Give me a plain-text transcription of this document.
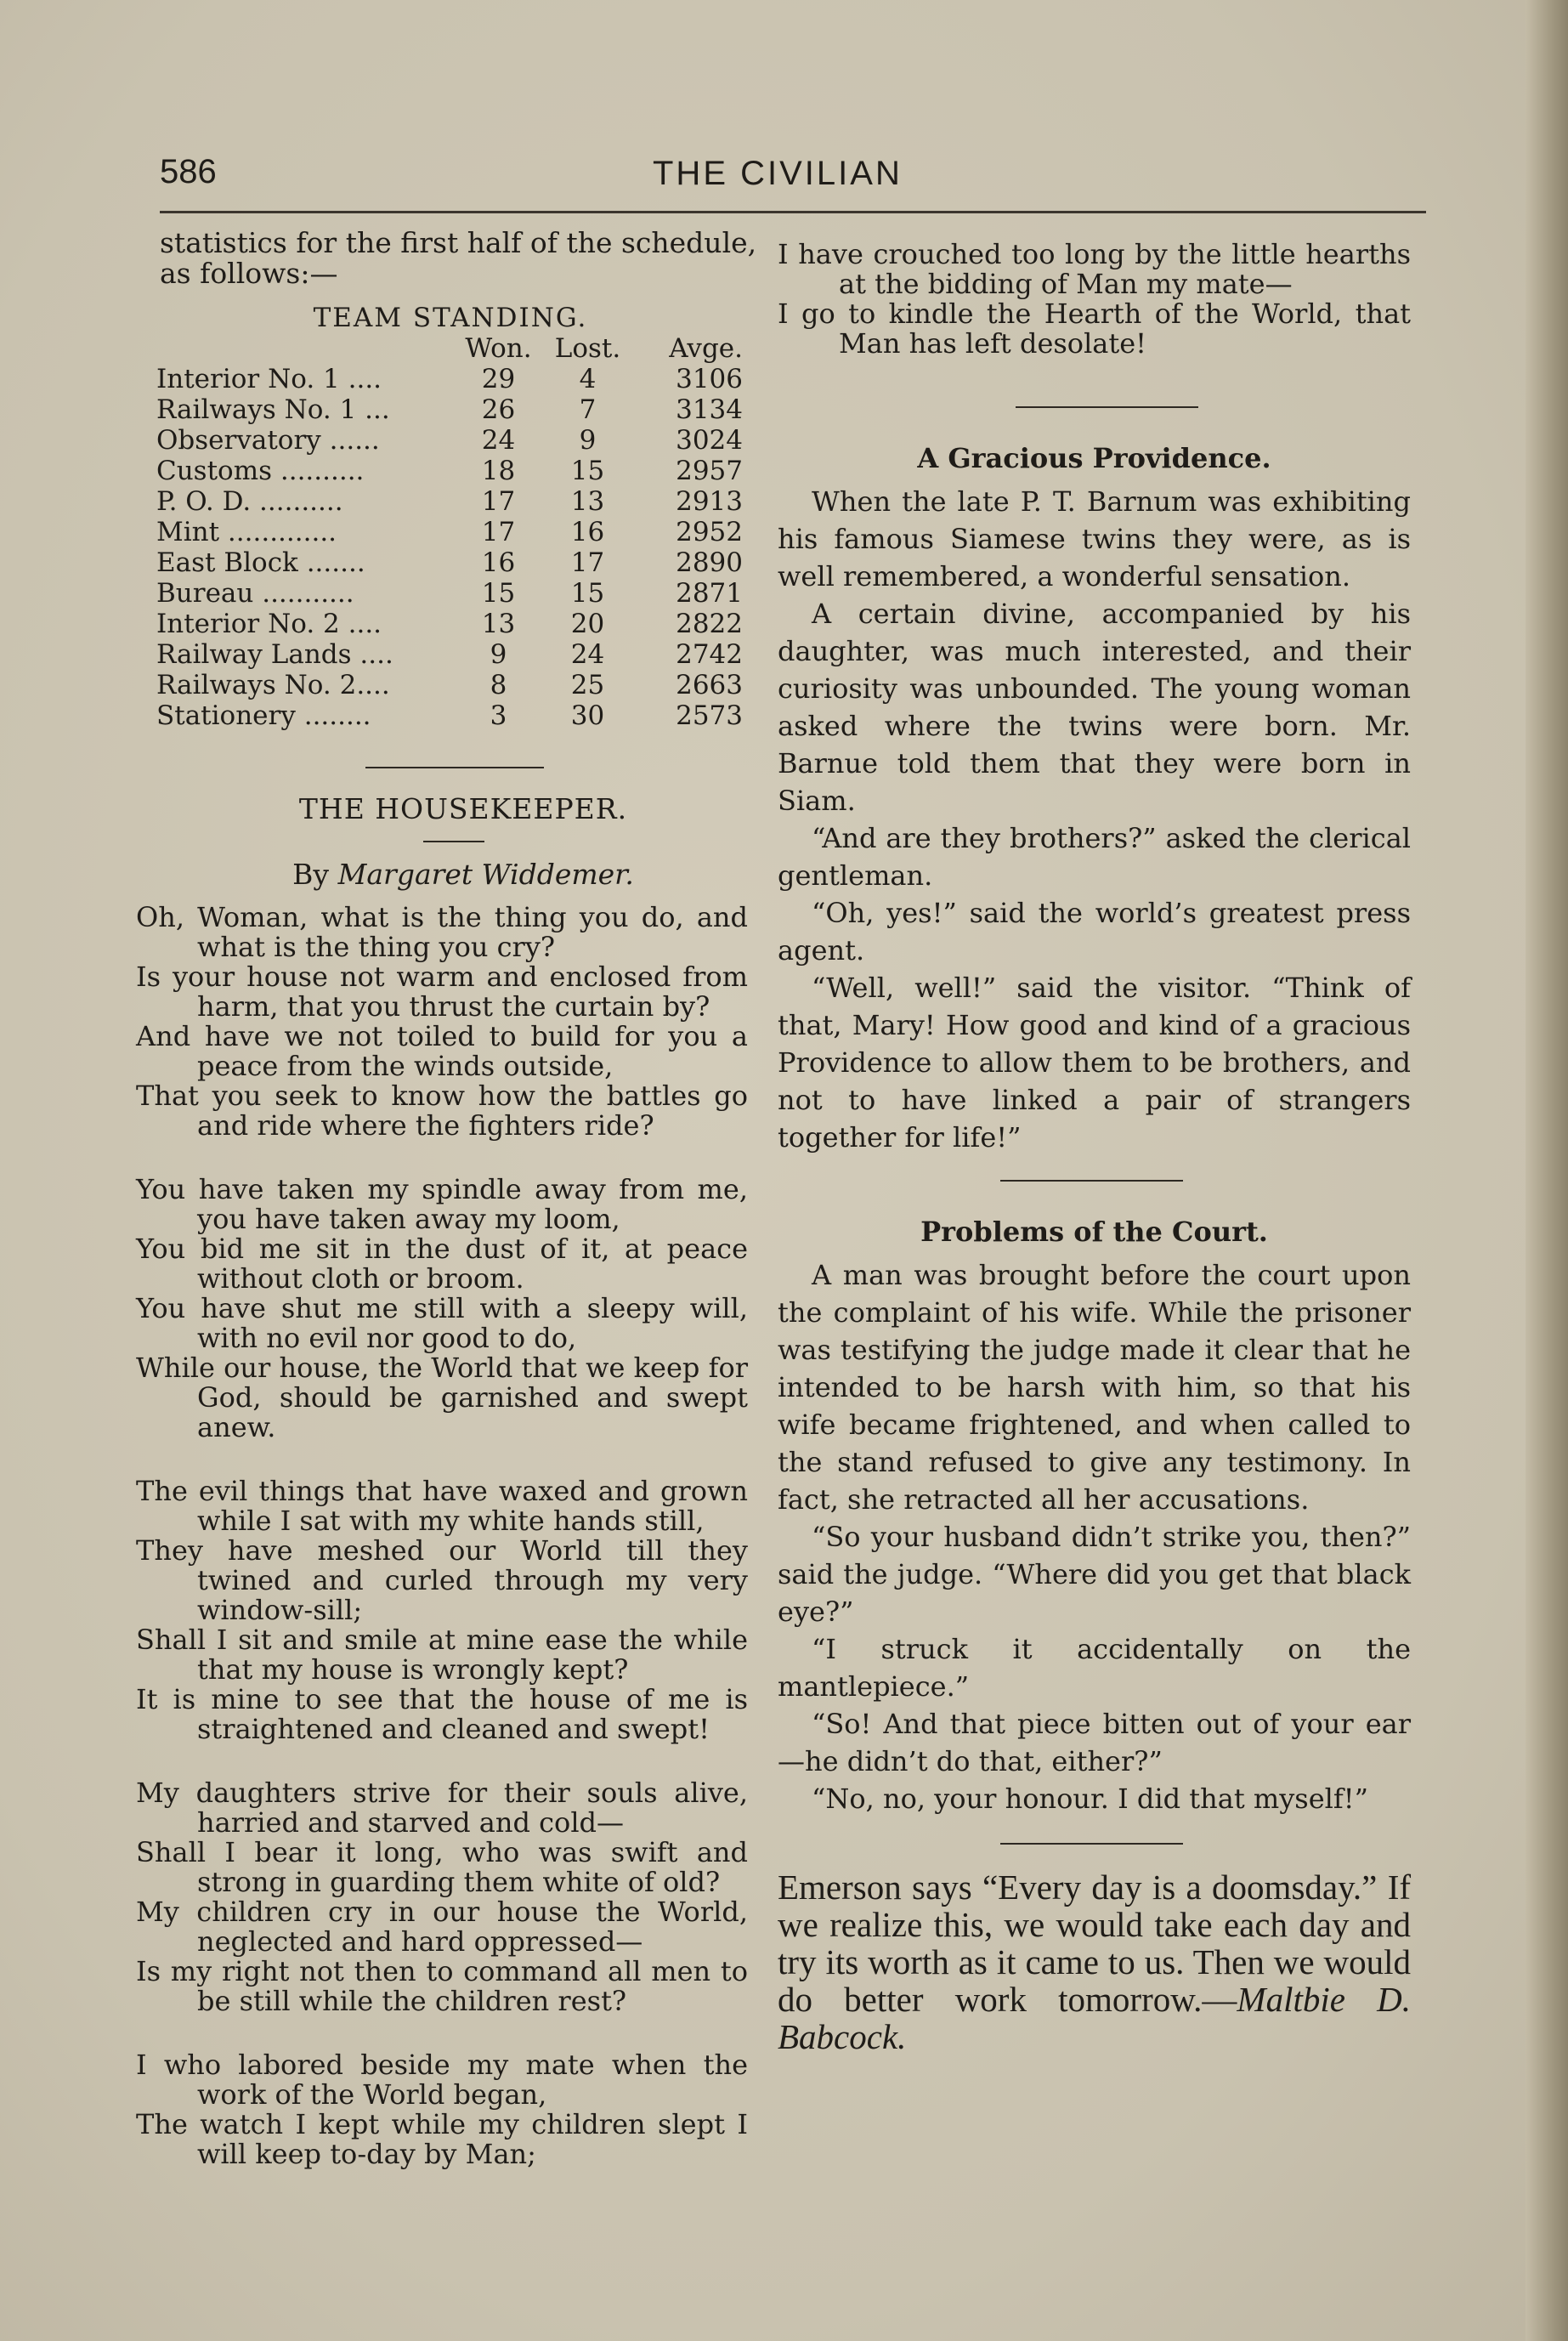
586	THE CIVILIAN

statistics for the first half of the schedule,

as follows:—

TEAM STANDING.
	Won.	Lost.	Avge.
Interior No. 1 ....	29	4	3106
Railways No. 1 ...	26	7	3134
Observatory ......	24	9	3024
Customs ..........	18	15	2957
P. O. D. ..........	17	13	2913
Mint .............	17	16	2952
East Block .......	16	17	2890
Bureau ...........	15	15	2871
Interior No. 2 ....	13	20	2822
Railway Lands ....	9	24	2742
Railways No. 2....	8	25	2663
Stationery ........	3	30	2573
THE HOUSEKEEPER.
By Margaret Widdemer.
Oh, Woman, what is the thing you do, and what is the thing you cry?
Is your house not warm and enclosed from harm, that you thrust the curtain by?
And have we not toiled to build for you a peace from the winds outside,
That you seek to know how the battles go and ride where the fighters ride?
You have taken my spindle away from me, you have taken away my loom,
You bid me sit in the dust of it, at peace without cloth or broom.
You have shut me still with a sleepy will, with no evil nor good to do,
While our house, the World that we keep for God, should be garnished and swept anew.
The evil things that have waxed and grown while I sat with my white hands still,
They have meshed our World till they twined and curled through my very window-sill;
Shall I sit and smile at mine ease the while that my house is wrongly kept?
It is mine to see that the house of me is straightened and cleaned and swept!
My daughters strive for their souls alive, harried and starved and cold—
Shall I bear it long, who was swift and strong in guarding them white of old?
My children cry in our house the World, neglected and hard oppressed—
Is my right not then to command all men to be still while the children rest?
I who labored beside my mate when the work of the World began,
The watch I kept while my children slept I will keep to-day by Man;
I have crouched too long by the little hearths at the bidding of Man my mate—
I go to kindle the Hearth of the World, that Man has left desolate!
A Gracious Providence.
When the late P. T. Barnum was exhibiting his famous Siamese twins they were, as is well remembered, a wonderful sensation.
A certain divine, accompanied by his daughter, was much interested, and their curiosity was unbounded. The young woman asked where the twins were born. Mr. Barnue told them that they were born in Siam.
“And are they brothers?” asked the clerical gentleman.
“Oh, yes!” said the world’s greatest press agent.
“Well, well!” said the visitor. “Think of that, Mary! How good and kind of a gracious Providence to allow them to be brothers, and not to have linked a pair of strangers together for life!”
Problems of the Court.
A man was brought before the court upon the complaint of his wife. While the prisoner was testifying the judge made it clear that he intended to be harsh with him, so that his wife became frightened, and when called to the stand refused to give any testimony. In fact, she retracted all her accusations.
“So your husband didn’t strike you, then?” said the judge. “Where did you get that black eye?”
“I struck it accidentally on the mantlepiece.”
“So! And that piece bitten out of your ear—he didn’t do that, either?”
“No, no, your honour. I did that myself!”
Emerson says “Every day is a doomsday.” If we realize this, we would take each day and try its worth as it came to us. Then we would do better work tomorrow.—Maltbie D. Babcock.
